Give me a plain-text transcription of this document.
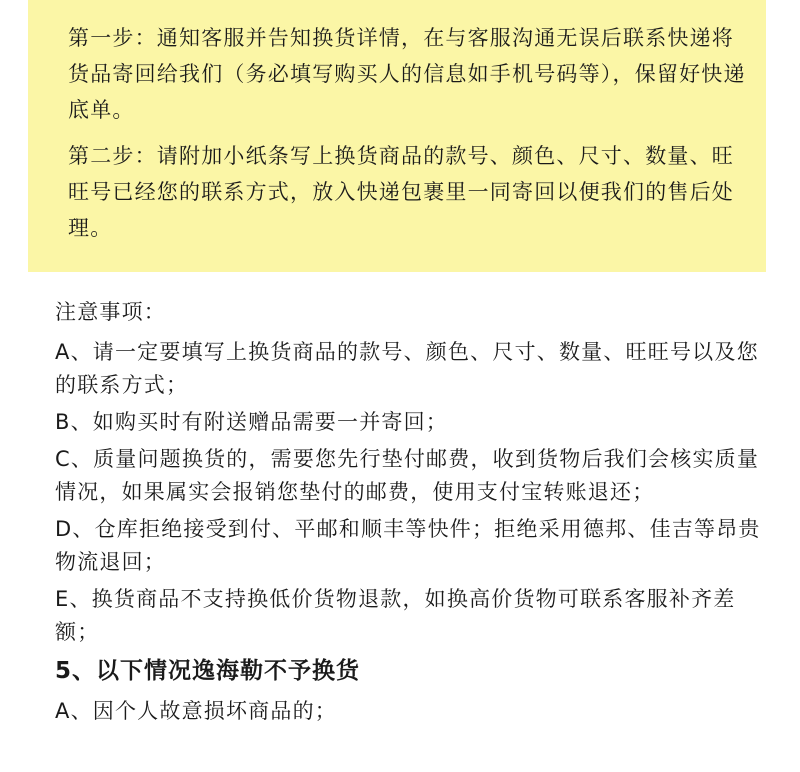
第一步：通知客服并告知换货详情，在与客服沟通无误后联系快递将货品寄回给我们（务必填写购买人的信息如手机号码等），保留好快递底单。

第二步：请附加小纸条写上换货商品的款号、颜色、尺寸、数量、旺旺号已经您的联系方式，放入快递包裹里一同寄回以便我们的售后处理。

注意事项：

A、请一定要填写上换货商品的款号、颜色、尺寸、数量、旺旺号以及您的联系方式；

B、如购买时有附送赠品需要一并寄回；

C、质量问题换货的，需要您先行垫付邮费，收到货物后我们会核实质量情况，如果属实会报销您垫付的邮费，使用支付宝转账退还；

D、仓库拒绝接受到付、平邮和顺丰等快件；拒绝采用德邦、佳吉等昂贵物流退回；

E、换货商品不支持换低价货物退款，如换高价货物可联系客服补齐差额；

5、以下情况逸海勒不予换货

A、因个人故意损坏商品的；
